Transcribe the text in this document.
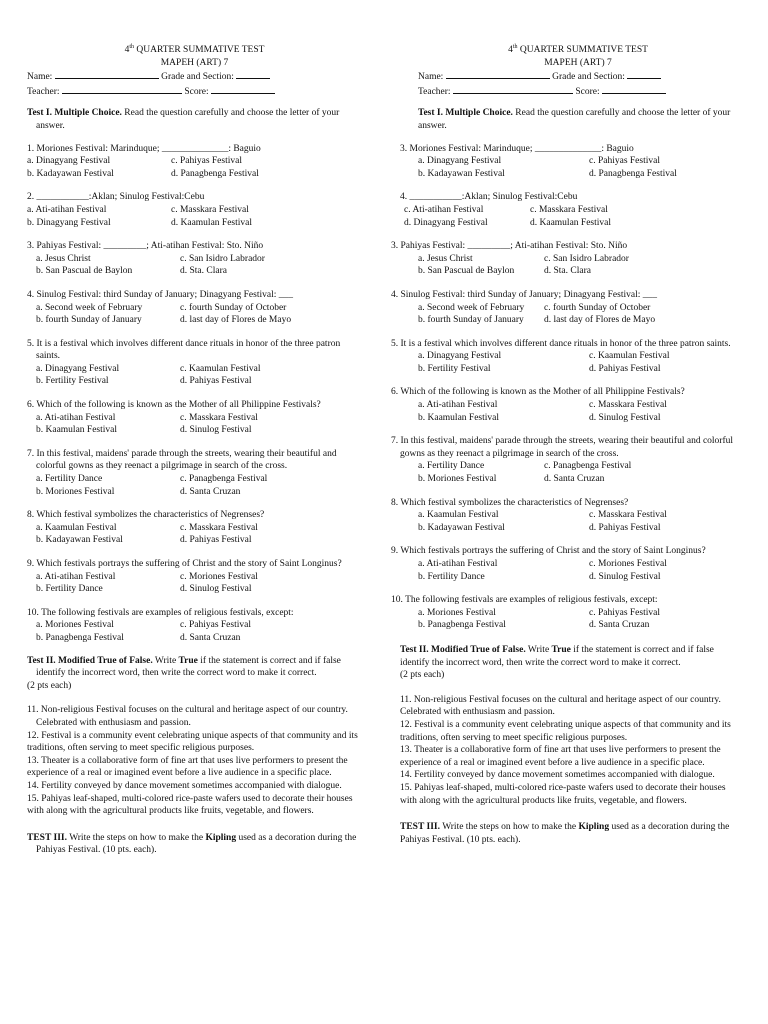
4th QUARTER SUMMATIVE TEST
MAPEH (ART) 7
Name:	Grade and Section:
Teacher:	Score:
Test I. Multiple Choice. Read the question carefully and choose the letter of your answer.
1. Moriones Festival: Marinduque; ______________: Baguio
a. Dinagyang Festival	c. Pahiyas Festival
b. Kadayawan Festival	d. Panagbenga Festival
2. ___________:Aklan; Sinulog Festival:Cebu
a. Ati-atihan Festival	c. Masskara Festival
b. Dinagyang Festival	d. Kaamulan Festival
3. Pahiyas Festival: _________; Ati-atihan Festival: Sto. Niño
a. Jesus Christ	c. San Isidro Labrador
b. San Pascual de Baylon	d. Sta. Clara
4. Sinulog Festival: third Sunday of January; Dinagyang Festival: ___
a. Second week of February	c. fourth Sunday of October
b. fourth Sunday of January	d. last day of Flores de Mayo
5. It is a festival which involves different dance rituals in honor of the three patron saints.
a. Dinagyang Festival	c. Kaamulan Festival
b. Fertility Festival	d. Pahiyas Festival
6. Which of the following is known as the Mother of all Philippine Festivals?
a. Ati-atihan Festival	c. Masskara Festival
b. Kaamulan Festival	d. Sinulog Festival
7. In this festival, maidens' parade through the streets, wearing their beautiful and colorful gowns as they reenact a pilgrimage in search of the cross.
a. Fertility Dance	c. Panagbenga Festival
b. Moriones Festival	d. Santa Cruzan
8. Which festival symbolizes the characteristics of Negrenses?
a. Kaamulan Festival	c. Masskara Festival
b. Kadayawan Festival	d. Pahiyas Festival
9. Which festivals portrays the suffering of Christ and the story of Saint Longinus?
a. Ati-atihan Festival	c. Moriones Festival
b. Fertility Dance	d. Sinulog Festival
10. The following festivals are examples of religious festivals, except:
a. Moriones Festival	c. Pahiyas Festival
b. Panagbenga Festival	d. Santa Cruzan
Test II. Modified True of False. Write True if the statement is correct and if false identify the incorrect word, then write the correct word to make it correct.
(2 pts each)
11. Non-religious Festival focuses on the cultural and heritage aspect of our country. Celebrated with enthusiasm and passion.
12. Festival is a community event celebrating unique aspects of that community and its traditions, often serving to meet specific religious purposes.
13. Theater is a collaborative form of fine art that uses live performers to present the experience of a real or imagined event before a live audience in a specific place.
14. Fertility conveyed by dance movement sometimes accompanied with dialogue.
15. Pahiyas leaf-shaped, multi-colored rice-paste wafers used to decorate their houses with along with the agricultural products like fruits, vegetable, and flowers.
TEST III. Write the steps on how to make the Kipling used as a decoration during the Pahiyas Festival. (10 pts. each).
4th QUARTER SUMMATIVE TEST
MAPEH (ART) 7
Name:	Grade and Section:
Teacher:	Score:
Test I. Multiple Choice. Read the question carefully and choose the letter of your answer.
3. Moriones Festival: Marinduque; ______________: Baguio
a. Dinagyang Festival	c. Pahiyas Festival
b. Kadayawan Festival	d. Panagbenga Festival
4. ___________:Aklan; Sinulog Festival:Cebu
c. Ati-atihan Festival	c. Masskara Festival
d. Dinagyang Festival	d. Kaamulan Festival
3. Pahiyas Festival: _________; Ati-atihan Festival: Sto. Niño
a. Jesus Christ	c. San Isidro Labrador
b. San Pascual de Baylon	d. Sta. Clara
4. Sinulog Festival: third Sunday of January; Dinagyang Festival: ___
a. Second week of February	c. fourth Sunday of October
b. fourth Sunday of January	d. last day of Flores de Mayo
5. It is a festival which involves different dance rituals in honor of the three patron saints.
a. Dinagyang Festival	c. Kaamulan Festival
b. Fertility Festival	d. Pahiyas Festival
6. Which of the following is known as the Mother of all Philippine Festivals?
a. Ati-atihan Festival	c. Masskara Festival
b. Kaamulan Festival	d. Sinulog Festival
7. In this festival, maidens' parade through the streets, wearing their beautiful and colorful gowns as they reenact a pilgrimage in search of the cross.
a. Fertility Dance	c. Panagbenga Festival
b. Moriones Festival	d. Santa Cruzan
8. Which festival symbolizes the characteristics of Negrenses?
a. Kaamulan Festival	c. Masskara Festival
b. Kadayawan Festival	d. Pahiyas Festival
9. Which festivals portrays the suffering of Christ and the story of Saint Longinus?
a. Ati-atihan Festival	c. Moriones Festival
b. Fertility Dance	d. Sinulog Festival
10. The following festivals are examples of religious festivals, except:
a. Moriones Festival	c. Pahiyas Festival
b. Panagbenga Festival	d. Santa Cruzan
Test II. Modified True of False. Write True if the statement is correct and if false identify the incorrect word, then write the correct word to make it correct.
(2 pts each)
11. Non-religious Festival focuses on the cultural and heritage aspect of our country. Celebrated with enthusiasm and passion.
12. Festival is a community event celebrating unique aspects of that community and its traditions, often serving to meet specific religious purposes.
13. Theater is a collaborative form of fine art that uses live performers to present the experience of a real or imagined event before a live audience in a specific place.
14. Fertility conveyed by dance movement sometimes accompanied with dialogue.
15. Pahiyas leaf-shaped, multi-colored rice-paste wafers used to decorate their houses with along with the agricultural products like fruits, vegetable, and flowers.
TEST III. Write the steps on how to make the Kipling used as a decoration during the Pahiyas Festival. (10 pts. each).
